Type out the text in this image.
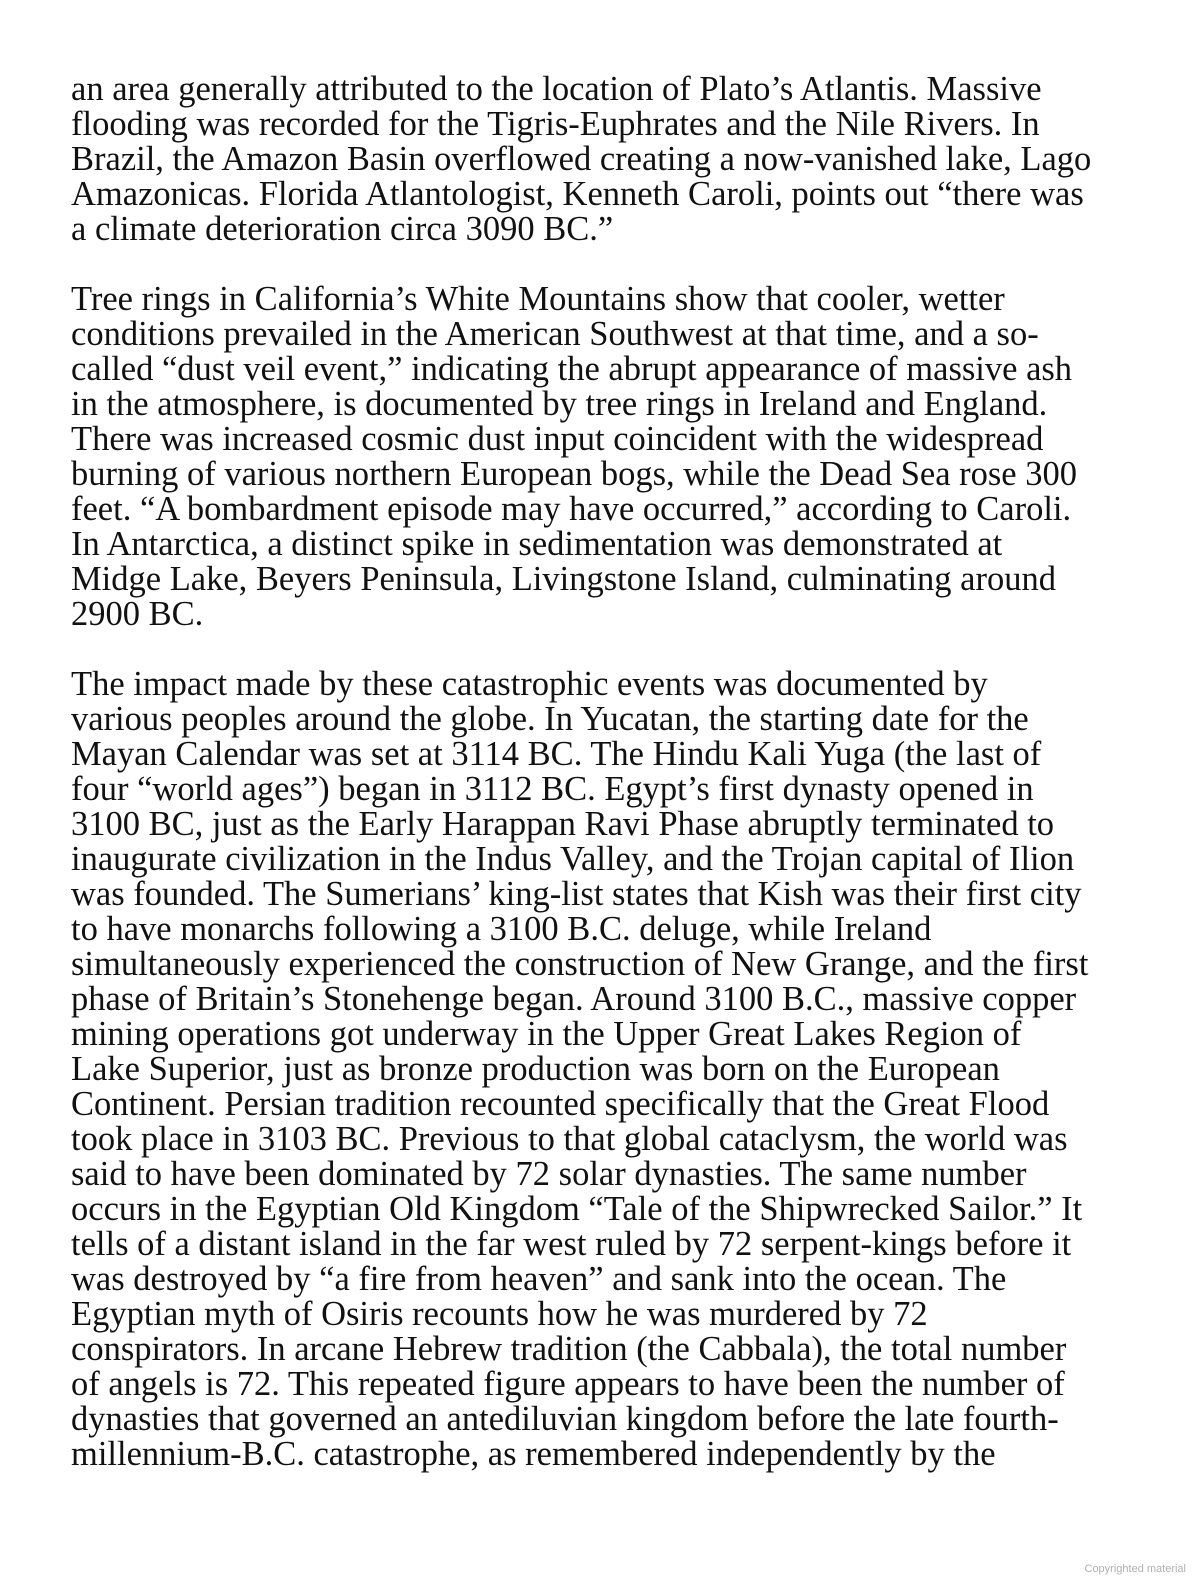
an area generally attributed to the location of Plato’s Atlantis. Massive
flooding was recorded for the Tigris-Euphrates and the Nile Rivers. In
Brazil, the Amazon Basin overflowed creating a now-vanished lake, Lago
Amazonicas. Florida Atlantologist, Kenneth Caroli, points out “there was
a climate deterioration circa 3090 BC.”

Tree rings in California’s White Mountains show that cooler, wetter
conditions prevailed in the American Southwest at that time, and a so-
called “dust veil event,” indicating the abrupt appearance of massive ash
in the atmosphere, is documented by tree rings in Ireland and England.
There was increased cosmic dust input coincident with the widespread
burning of various northern European bogs, while the Dead Sea rose 300
feet. “A bombardment episode may have occurred,” according to Caroli.
In Antarctica, a distinct spike in sedimentation was demonstrated at
Midge Lake, Beyers Peninsula, Livingstone Island, culminating around
2900 BC.

The impact made by these catastrophic events was documented by
various peoples around the globe. In Yucatan, the starting date for the
Mayan Calendar was set at 3114 BC. The Hindu Kali Yuga (the last of
four “world ages”) began in 3112 BC. Egypt’s first dynasty opened in
3100 BC, just as the Early Harappan Ravi Phase abruptly terminated to
inaugurate civilization in the Indus Valley, and the Trojan capital of Ilion
was founded. The Sumerians’ king-list states that Kish was their first city
to have monarchs following a 3100 B.C. deluge, while Ireland
simultaneously experienced the construction of New Grange, and the first
phase of Britain’s Stonehenge began. Around 3100 B.C., massive copper
mining operations got underway in the Upper Great Lakes Region of
Lake Superior, just as bronze production was born on the European
Continent. Persian tradition recounted specifically that the Great Flood
took place in 3103 BC. Previous to that global cataclysm, the world was
said to have been dominated by 72 solar dynasties. The same number
occurs in the Egyptian Old Kingdom “Tale of the Shipwrecked Sailor.” It
tells of a distant island in the far west ruled by 72 serpent-kings before it
was destroyed by “a fire from heaven” and sank into the ocean. The
Egyptian myth of Osiris recounts how he was murdered by 72
conspirators. In arcane Hebrew tradition (the Cabbala), the total number
of angels is 72. This repeated figure appears to have been the number of
dynasties that governed an antediluvian kingdom before the late fourth-
millennium-B.C. catastrophe, as remembered independently by the

Copyrighted material
